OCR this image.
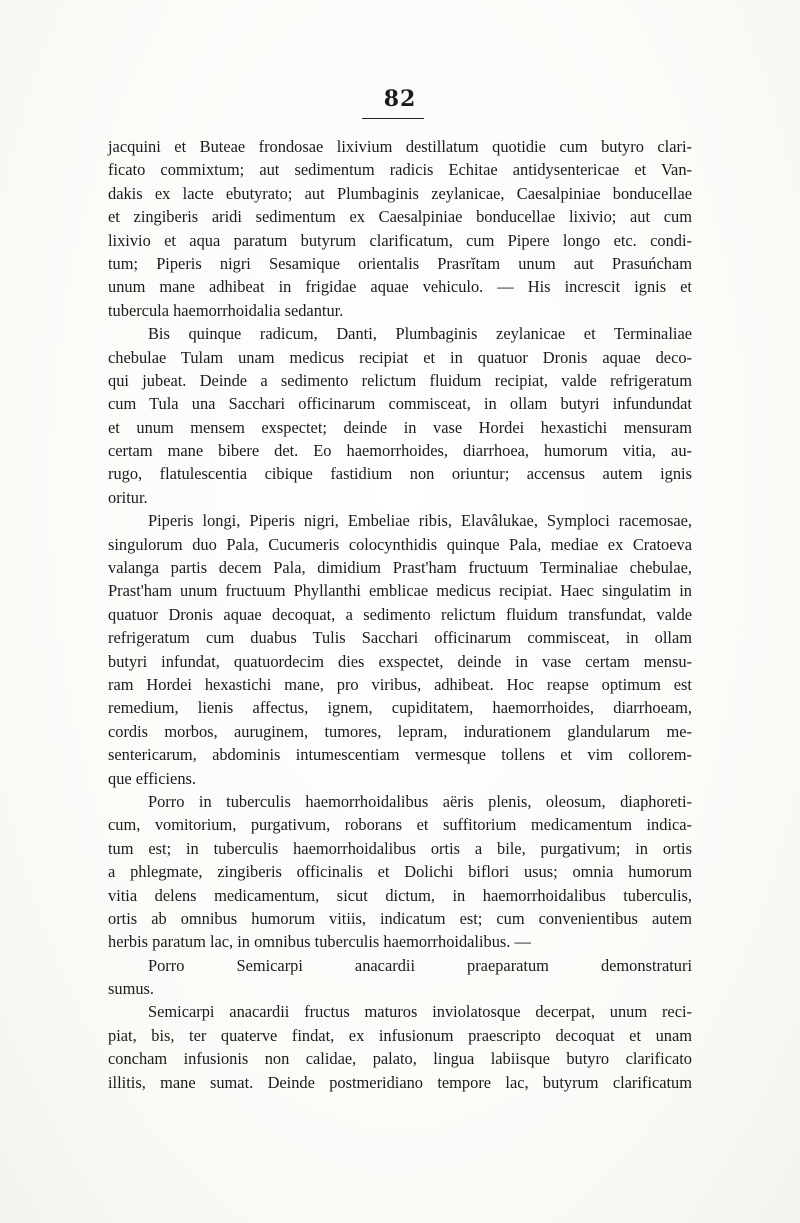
82
jacquini et Buteae frondosae lixivium destillatum quotidie cum butyro clari-
ficato commixtum; aut sedimentum radicis Echitae antidysentericae et Van-
dakis ex lacte ebutyrato; aut Plumbaginis zeylanicae, Caesalpiniae bonducellae
et zingiberis aridi sedimentum ex Caesalpiniae bonducellae lixivio; aut cum
lixivio et aqua paratum butyrum clarificatum, cum Pipere longo etc. condi-
tum; Piperis nigri Sesamique orientalis Prasrĭtam unum aut Prasuńcham
unum mane adhibeat in frigidae aquae vehiculo. — His increscit ignis et
tubercula haemorrhoidalia sedantur.
Bis quinque radicum, Danti, Plumbaginis zeylanicae et Terminaliae
chebulae Tulam unam medicus recipiat et in quatuor Dronis aquae deco-
qui jubeat. Deinde a sedimento relictum fluidum recipiat, valde refrigeratum
cum Tula una Sacchari officinarum commisceat, in ollam butyri infundundat
et unum mensem exspectet; deinde in vase Hordei hexastichi mensuram
certam mane bibere det. Eo haemorrhoides, diarrhoea, humorum vitia, au-
rugo, flatulescentia cibique fastidium non oriuntur; accensus autem ignis
oritur.
Piperis longi, Piperis nigri, Embeliae ribis, Elavâlukae, Symploci racemosae,
singulorum duo Pala, Cucumeris colocynthidis quinque Pala, mediae ex Cratoeva
valanga partis decem Pala, dimidium Prast'ham fructuum Terminaliae chebulae,
Prast'ham unum fructuum Phyllanthi emblicae medicus recipiat. Haec singulatim in
quatuor Dronis aquae decoquat, a sedimento relictum fluidum transfundat, valde
refrigeratum cum duabus Tulis Sacchari officinarum commisceat, in ollam
butyri infundat, quatuordecim dies exspectet, deinde in vase certam mensu-
ram Hordei hexastichi mane, pro viribus, adhibeat. Hoc reapse optimum est
remedium, lienis affectus, ignem, cupiditatem, haemorrhoides, diarrhoeam,
cordis morbos, auruginem, tumores, lepram, indurationem glandularum me-
sentericarum, abdominis intumescentiam vermesque tollens et vim collorem-
que efficiens.
Porro in tuberculis haemorrhoidalibus aëris plenis, oleosum, diaphoreti-
cum, vomitorium, purgativum, roborans et suffitorium medicamentum indica-
tum est; in tuberculis haemorrhoidalibus ortis a bile, purgativum; in ortis
a phlegmate, zingiberis officinalis et Dolichi biflori usus; omnia humorum
vitia delens medicamentum, sicut dictum, in haemorrhoidalibus tuberculis,
ortis ab omnibus humorum vitiis, indicatum est; cum convenientibus autem
herbis paratum lac, in omnibus tuberculis haemorrhoidalibus. —
Porro Semicarpi anacardii praeparatum demonstraturi
sumus.
Semicarpi anacardii fructus maturos inviolatosque decerpat, unum reci-
piat, bis, ter quaterve findat, ex infusionum praescripto decoquat et unam
concham infusionis non calidae, palato, lingua labiisque butyro clarificato
illitis, mane sumat. Deinde postmeridiano tempore lac, butyrum clarificatum
